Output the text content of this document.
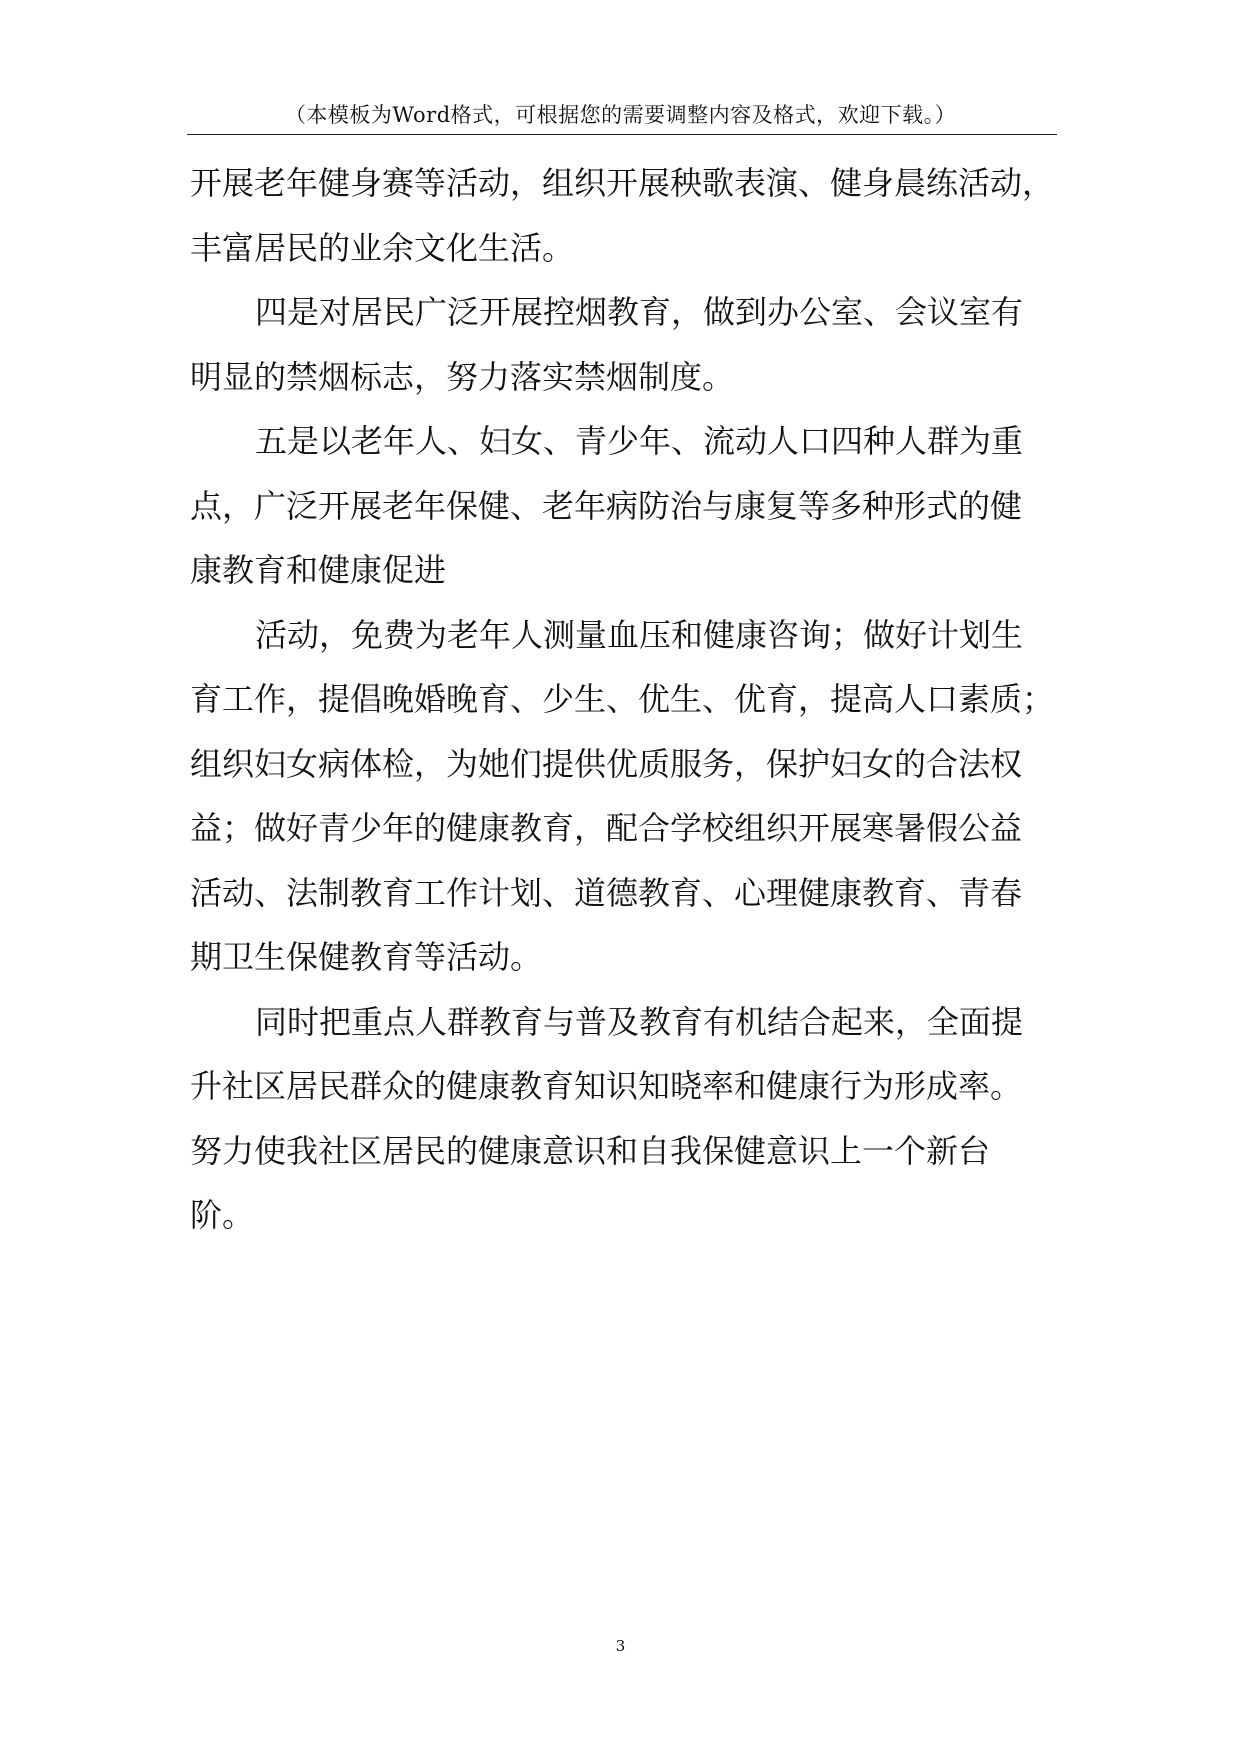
（本模板为Word格式，可根据您的需要调整内容及格式，欢迎下载。）
开展老年健身赛等活动，组织开展秧歌表演、健身晨练活动，
丰富居民的业余文化生活。
四是对居民广泛开展控烟教育，做到办公室、会议室有
明显的禁烟标志，努力落实禁烟制度。
五是以老年人、妇女、青少年、流动人口四种人群为重
点，广泛开展老年保健、老年病防治与康复等多种形式的健
康教育和健康促进
活动，免费为老年人测量血压和健康咨询；做好计划生
育工作，提倡晚婚晚育、少生、优生、优育，提高人口素质；
组织妇女病体检，为她们提供优质服务，保护妇女的合法权
益；做好青少年的健康教育，配合学校组织开展寒暑假公益
活动、法制教育工作计划、道德教育、心理健康教育、青春
期卫生保健教育等活动。
同时把重点人群教育与普及教育有机结合起来，全面提
升社区居民群众的健康教育知识知晓率和健康行为形成率。
努力使我社区居民的健康意识和自我保健意识上一个新台
阶。
3
